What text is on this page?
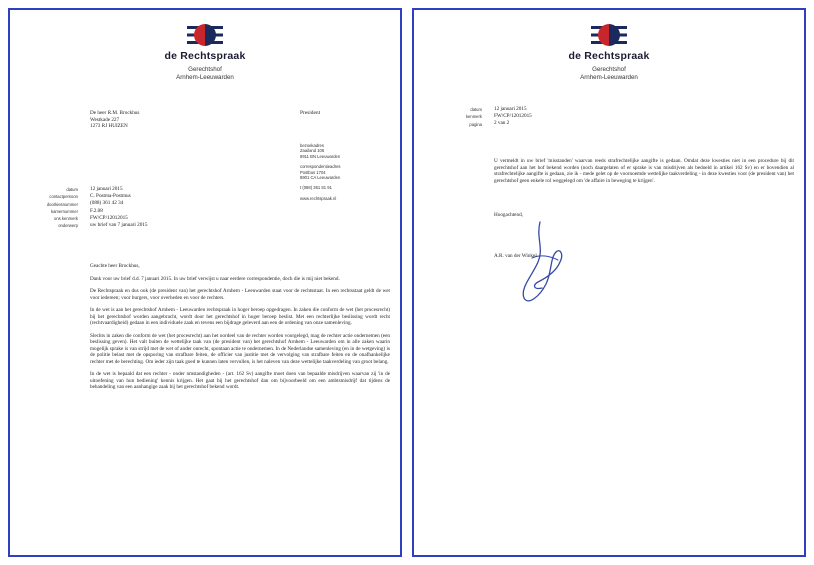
de Rechtspraak
Gerechtshof
Arnhem-Leeuwarden
De heer R.M. Brockhus
Westkade 227
1273 RJ HUIZEN
President
bezoekadres
Zaailand 106
8911 BN Leeuwarden
correspondentieadres
Postbus 1704
8901 CA Leeuwarden
t (088) 361 81 91
www.rechtspraak.nl
datum 12 januari 2015
contactpersoon C. Postma-Postmus
doorkiesnummer (088) 361 42 34
kamernummer F.2.08
ons kenmerk FW/CP/12012015
onderwerp uw brief van 7 januari 2015

Geachte heer Brockhus,

Dank voor uw brief d.d. 7 januari 2015. In uw brief verwijst u naar eerdere correspondentie, doch die is mij niet bekend.

De Rechtspraak en dus ook (de president van) het gerechtshof Arnhem - Leeuwarden staat voor de rechtsstaat. In een rechtsstaat geldt de wet voor iedereen; voor burgers, voor overheden en voor de rechters.

In de wet is aan het gerechtshof Arnhem - Leeuwarden rechtspraak in hoger beroep opgedragen. In zaken die conform de wet (het procesrecht) bij het gerechtshof worden aangebracht, wordt door het gerechtshof in hoger beroep beslist. Met een rechterlijke beslissing wordt recht (rechtvaardigheid) gedaan in een individuele zaak en tevens een bijdrage geleverd aan een de ordening van onze samenleving.

Slechts in zaken die conform de wet (het procesrecht) aan het oordeel van de rechter worden voorgelegd, mag de rechter actie ondernemen (een beslissing geven). Het valt buiten de wettelijke taak van (de president van) het gerechtshof Arnhem - Leeuwarden om in alle zaken waarin mogelijk sprake is van strijd met de wet of ander onrecht, spontaan actie te ondernemen. In de Nederlandse samenleving (en in de wetgeving) is de politie belast met de opsporing van strafbare feiten, de officier van justitie met de vervolging van strafbare feiten en de onafhankelijke rechter met de berechting. Om ieder zijn taak goed te kunnen laten vervullen, is het naleven van deze wettelijke taakverdeling van groot belang.

In de wet is bepaald dat een rechter - onder omstandigheden - (art. 162 Sv) aangifte moet doen van bepaalde misdrijven waarvan zij 'in de uitoefening van hun bediening' kennis krijgen. Het gaat bij het gerechtshof dan om bijvoorbeeld om een ambtsmisdrijf dat tijdens de behandeling van een aanhangige zaak bij het gerechtshof bekend wordt.

de Rechtspraak
Gerechtshof
Arnhem-Leeuwarden
datum 12 januari 2015
kenmerk FW/CP/12012015
pagina 2 van 2

U vermeldt in uw brief 'misstanden' waarvan reeds strafrechtelijke aangifte is gedaan. Omdat deze kwesties niet in een procedure bij dit gerechtshof aan het hof bekend worden (noch daargelaten of er sprake is van misdrijven als bedoeld in artikel 162 Sv) en er bovendien al strafrechtelijke aangifte is gedaan, zie ik - mede gelet op de voornoemde wettelijke taakverdeling - in deze kwesties voor (de president van) het gerechtshof geen enkele rol weggelegd om 'de affaire in beweging te krijgen'.

Hoogachtend,
A.R. van der Winkel
